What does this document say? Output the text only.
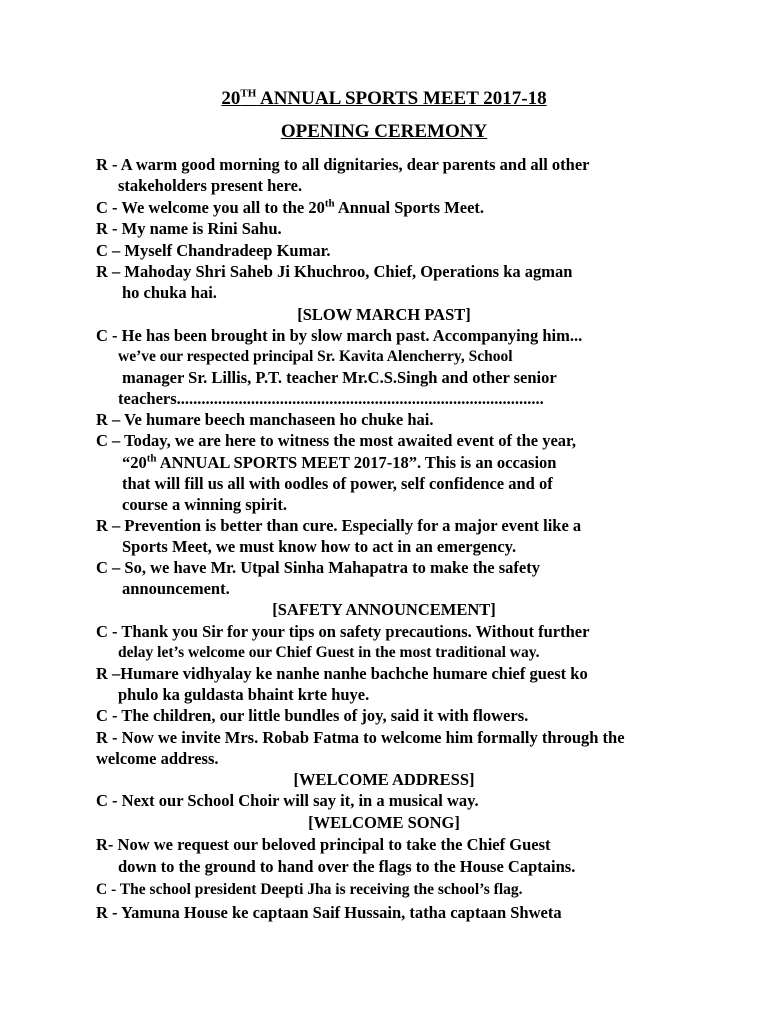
20TH ANNUAL SPORTS MEET 2017-18
OPENING CEREMONY
R - A warm good morning to all dignitaries, dear parents and all other
stakeholders present here.
C - We welcome you all to the 20th Annual Sports Meet.
R - My name is Rini Sahu.
C – Myself Chandradeep Kumar.
R – Mahoday Shri Saheb Ji Khuchroo, Chief, Operations ka agman
ho chuka hai.
[SLOW MARCH PAST]
C - He has been brought in by slow march past. Accompanying him...
we’ve our respected principal Sr. Kavita Alencherry, School
manager Sr. Lillis, P.T. teacher Mr.C.S.Singh and other senior
teachers.........................................................................................
R – Ve humare beech manchaseen ho chuke hai.
C – Today, we are here to witness the most awaited event of the year,
“20th ANNUAL SPORTS MEET 2017-18”. This is an occasion
that will fill us all with oodles of power, self confidence and of
course a winning spirit.
R – Prevention is better than cure. Especially for a major event like a
Sports Meet, we must know how to act in an emergency.
C – So, we have Mr. Utpal Sinha Mahapatra to make the safety
announcement.
[SAFETY ANNOUNCEMENT]
C - Thank you Sir for your tips on safety precautions. Without further
delay let’s welcome our Chief Guest in the most traditional way.
R –Humare vidhyalay ke nanhe nanhe bachche humare chief guest ko
phulo ka guldasta bhaint krte huye.
C - The children, our little bundles of joy, said it with flowers.
R - Now we invite Mrs. Robab Fatma to welcome him formally through the
welcome address.
[WELCOME ADDRESS]
C - Next our School Choir will say it, in a musical way.
[WELCOME SONG]
R- Now we request our beloved principal to take the Chief Guest
down to the ground to hand over the flags to the House Captains.
C - The school president Deepti Jha is receiving the school’s flag.
R - Yamuna House ke captaan Saif Hussain, tatha captaan Shweta
